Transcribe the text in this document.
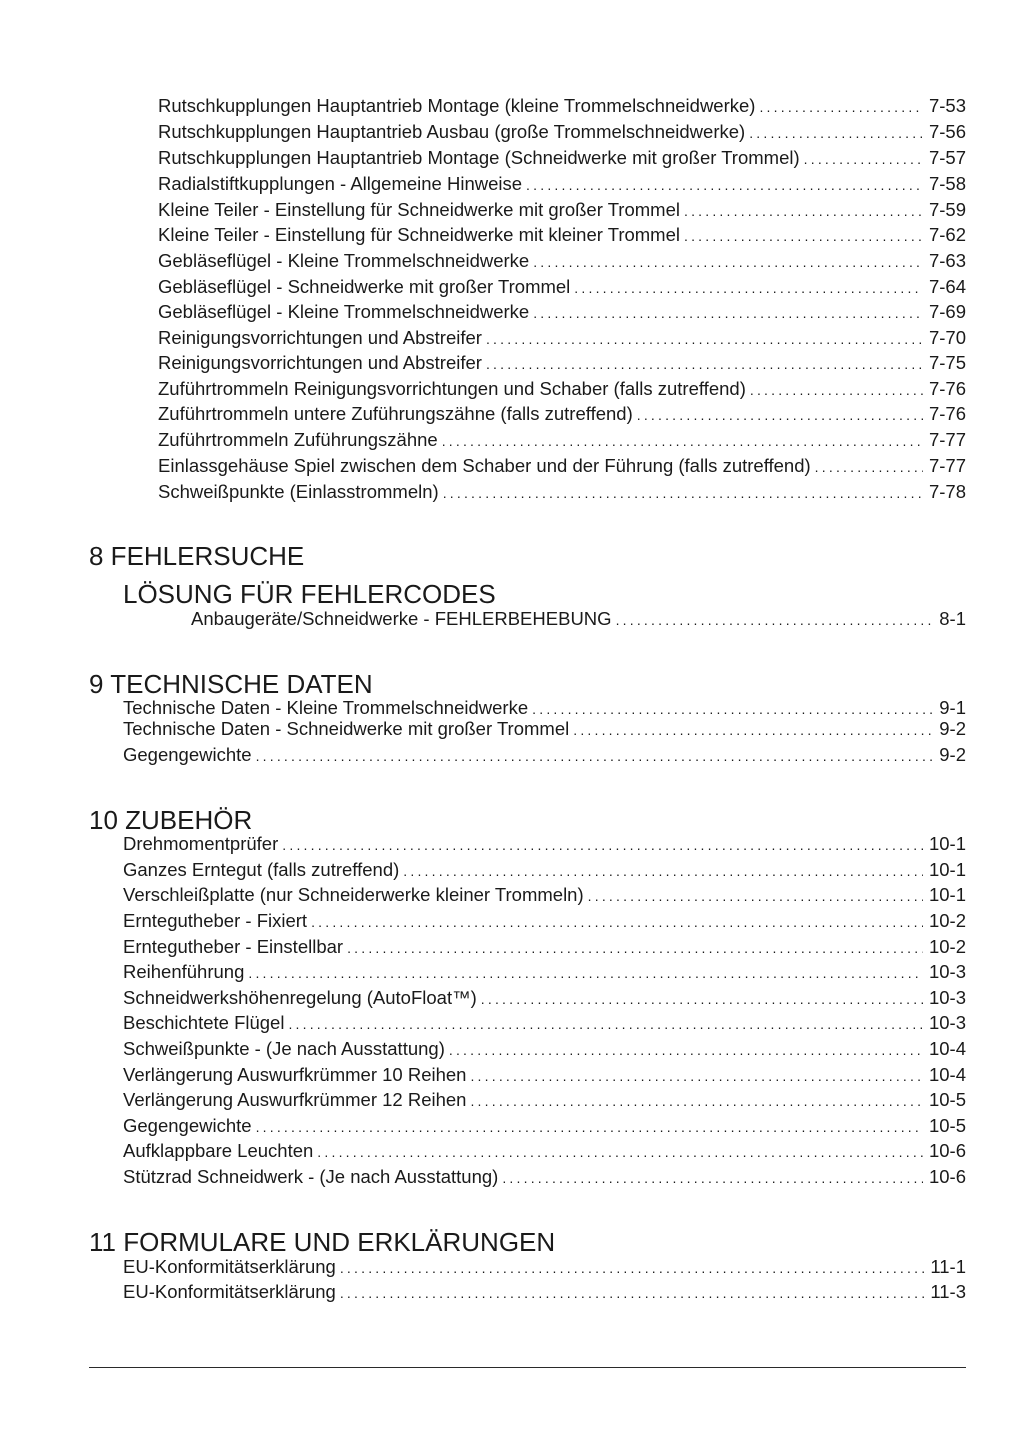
Rutschkupplungen Hauptantrieb Montage (kleine Trommelschneidwerke) .....	7-53
Rutschkupplungen Hauptantrieb Ausbau (große Trommelschneidwerke) .....	7-56
Rutschkupplungen Hauptantrieb Montage (Schneidwerke mit großer Trommel) .....	7-57
Radialstiftkupplungen - Allgemeine Hinweise .....	7-58
Kleine Teiler - Einstellung für Schneidwerke mit großer Trommel .....	7-59
Kleine Teiler - Einstellung für Schneidwerke mit kleiner Trommel .....	7-62
Gebläseflügel - Kleine Trommelschneidwerke .....	7-63
Gebläseflügel - Schneidwerke mit großer Trommel .....	7-64
Gebläseflügel - Kleine Trommelschneidwerke .....	7-69
Reinigungsvorrichtungen und Abstreifer .....	7-70
Reinigungsvorrichtungen und Abstreifer .....	7-75
Zuführtrommeln Reinigungsvorrichtungen und Schaber (falls zutreffend) .....	7-76
Zuführtrommeln untere Zuführungszähne (falls zutreffend) .....	7-76
Zuführtrommeln Zuführungszähne .....	7-77
Einlassgehäuse Spiel zwischen dem Schaber und der Führung (falls zutreffend) .....	7-77
Schweißpunkte (Einlasstrommeln) .....	7-78
8 FEHLERSUCHE
LÖSUNG FÜR FEHLERCODES
Anbaugeräte/Schneidwerke - FEHLERBEHEBUNG .....	8-1
9 TECHNISCHE DATEN
Technische Daten - Kleine Trommelschneidwerke .....	9-1
Technische Daten - Schneidwerke mit großer Trommel .....	9-2
Gegengewichte .....	9-2
10 ZUBEHÖR
Drehmomentprüfer .....	10-1
Ganzes Erntegut (falls zutreffend) .....	10-1
Verschleißplatte (nur Schneiderwerke kleiner Trommeln) .....	10-1
Erntegutheber - Fixiert .....	10-2
Erntegutheber - Einstellbar .....	10-2
Reihenführung .....	10-3
Schneidwerkshöhenregelung (AutoFloat™) .....	10-3
Beschichtete Flügel .....	10-3
Schweißpunkte - (Je nach Ausstattung) .....	10-4
Verlängerung Auswurfkrümmer 10 Reihen .....	10-4
Verlängerung Auswurfkrümmer 12 Reihen .....	10-5
Gegengewichte .....	10-5
Aufklappbare Leuchten .....	10-6
Stützrad Schneidwerk - (Je nach Ausstattung) .....	10-6
11 FORMULARE UND ERKLÄRUNGEN
EU-Konformitätserklärung .....	11-1
EU-Konformitätserklärung .....	11-3
